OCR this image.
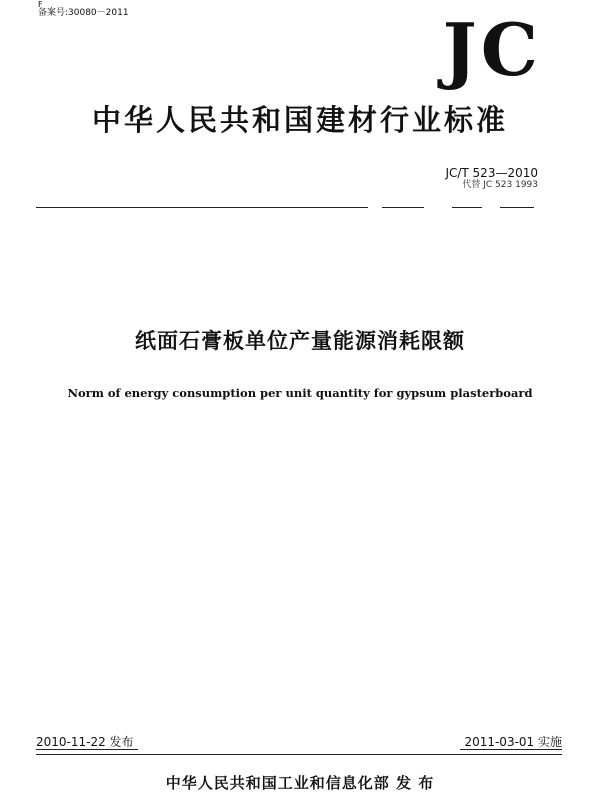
F
备案号:30080－2011	JC
中华人民共和国建材行业标准
JC/T 523—2010
代替 JC 523 1993
纸面石膏板单位产量能源消耗限额
Norm of energy consumption per unit quantity for gypsum plasterboard
2010-11-22 发布	2011-03-01 实施
中华人民共和国工业和信息化部 发 布
